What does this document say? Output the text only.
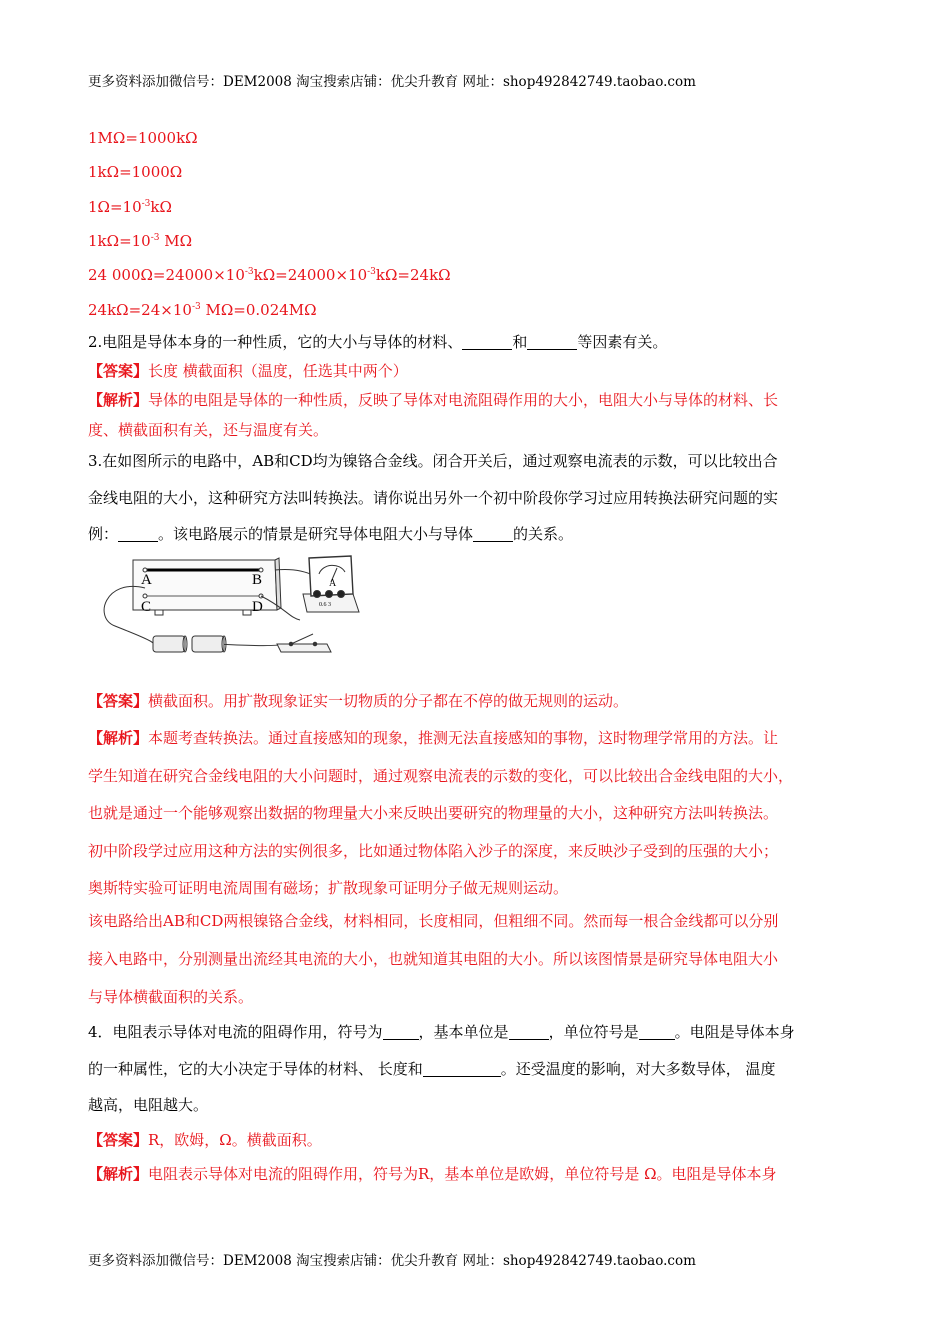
更多资料添加微信号：DEM2008 淘宝搜索店铺：优尖升教育 网址：shop492842749.taobao.com
1MΩ=1000kΩ
1kΩ=1000Ω
$1\Omega=10^{-3}k\Omega$
$1k\Omega=10^{-3}$ MΩ
24 $000\Omega=24000\times 10^{-3}k\Omega=24000\times 10^{-3}k\Omega=24k\Omega$
$24k\Omega=24\times 10^{-3}$ MΩ=0.024MΩ
2.电阻是导体本身的一种性质，它的大小与导体的材料、	和	等因素有关。
【答案】长度 横截面积（温度，任选其中两个）
【解析】导体的电阻是导体的一种性质，反映了导体对电流阻碍作用的大小，电阻大小与导体的材料、长
度、横截面积有关，还与温度有关。
3.在如图所示的电路中，AB和CD均为镍铬合金线。闭合开关后，通过观察电流表的示数，可以比较出合
金线电阻的大小，这种研究方法叫转换法。请你说出另外一个初中阶段你学习过应用转换法研究问题的实
例：	。该电路展示的情景是研究导体电阻大小与导体	的关系。
A	B
C	D
A
0.6 3
【答案】横截面积。用扩散现象证实一切物质的分子都在不停的做无规则的运动。
【解析】本题考查转换法。通过直接感知的现象，推测无法直接感知的事物，这时物理学常用的方法。让
学生知道在研究合金线电阻的大小问题时，通过观察电流表的示数的变化，可以比较出合金线电阻的大小，
也就是通过一个能够观察出数据的物理量大小来反映出要研究的物理量的大小，这种研究方法叫转换法。
初中阶段学过应用这种方法的实例很多，比如通过物体陷入沙子的深度，来反映沙子受到的压强的大小；
奥斯特实验可证明电流周围有磁场；扩散现象可证明分子做无规则运动。
该电路给出AB和CD两根镍铬合金线，材料相同，长度相同，但粗细不同。然而每一根合金线都可以分别
接入电路中，分别测量出流经其电流的大小，也就知道其电阻的大小。所以该图情景是研究导体电阻大小
与导体横截面积的关系。
4．电阻表示导体对电流的阻碍作用，符号为 ，基本单位是	，单位符号是 。电阻是导体本身
的一种属性，它的大小决定于导体的材料、 长度和	。还受温度的影响，对大多数导体， 温度
越高，电阻越大。
【答案】R，欧姆，Ω。横截面积。
【解析】电阻表示导体对电流的阻碍作用，符号为R，基本单位是欧姆，单位符号是 Ω。电阻是导体本身
更多资料添加微信号：DEM2008 淘宝搜索店铺：优尖升教育 网址：shop492842749.taobao.com
